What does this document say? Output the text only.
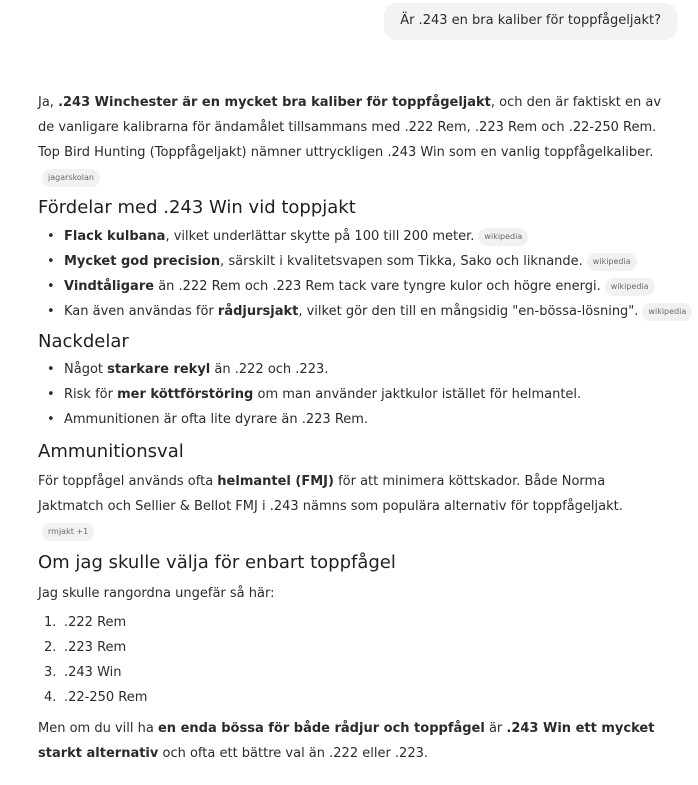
Är .243 en bra kaliber för toppfågeljakt?

Ja, .243 Winchester är en mycket bra kaliber för toppfågeljakt, och den är faktiskt en av de vanligare kalibrarna för ändamålet tillsammans med .222 Rem, .223 Rem och .22-250 Rem. Top Bird Hunting (Toppfågeljakt) nämner uttryckligen .243 Win som en vanlig toppfågelkaliber.jagarskolan

Fördelar med .243 Win vid toppjakt
• Flack kulbana, vilket underlättar skytte på 100 till 200 meter. wikipedia
• Mycket god precision, särskilt i kvalitetsvapen som Tikka, Sako och liknande. wikipedia
• Vindtåligare än .222 Rem och .223 Rem tack vare tyngre kulor och högre energi. wikipedia
• Kan även användas för rådjursjakt, vilket gör den till en mångsidig "en-bössa-lösning". wikipedia
Nackdelar
• Något starkare rekyl än .222 och .223.
• Risk för mer köttförstöring om man använder jaktkulor istället för helmantel.
• Ammunitionen är ofta lite dyrare än .223 Rem.
Ammunitionsval

För toppfågel används ofta helmantel (FMJ) för att minimera köttskador. Både Norma Jaktmatch och Sellier & Bellot FMJ i .243 nämns som populära alternativ för toppfågeljakt.rmjakt +1

Om jag skulle välja för enbart toppfågel

Jag skulle rangordna ungefär så här:

1. .222 Rem
2. .223 Rem
3. .243 Win
4. .22-250 Rem

Men om du vill ha en enda bössa för både rådjur och toppfågel är .243 Win ett mycket starkt alternativ och ofta ett bättre val än .222 eller .223.
